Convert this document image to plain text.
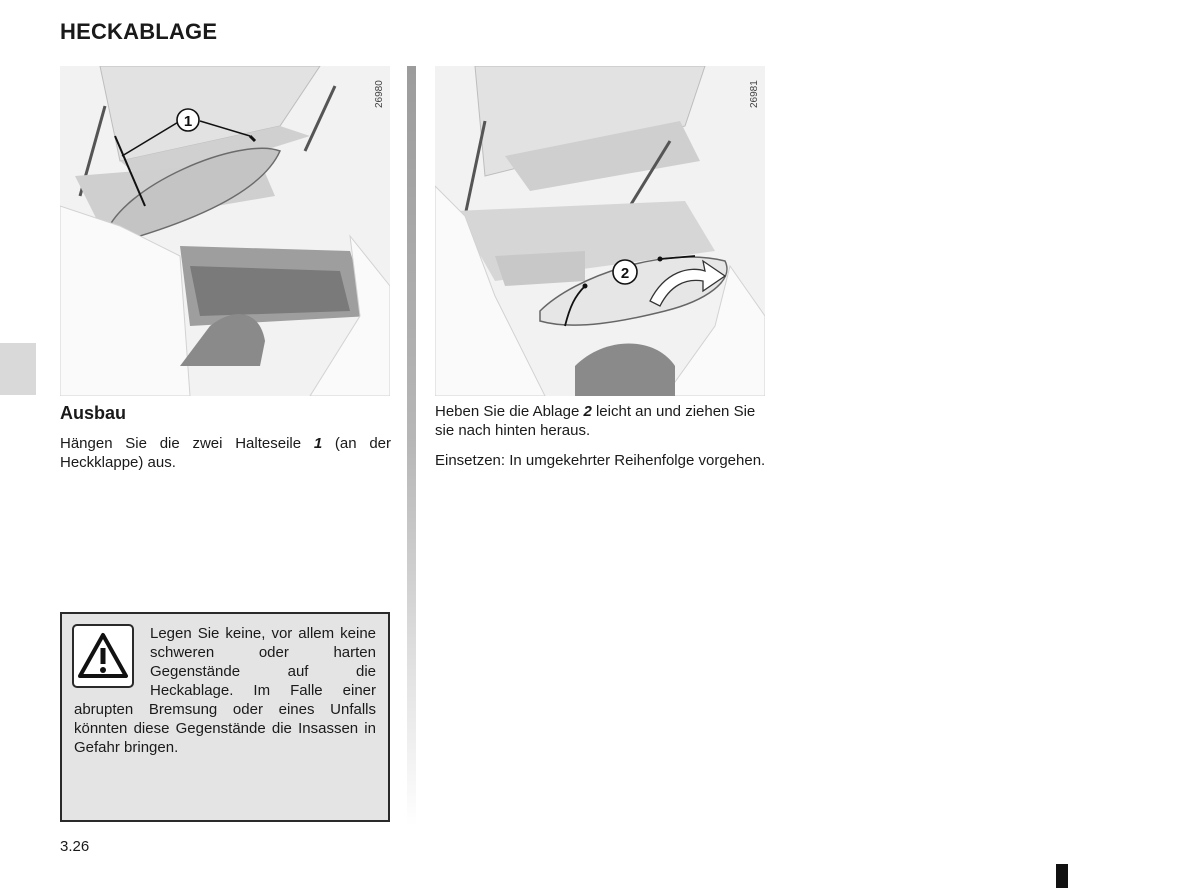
HECKABLAGE
1
26980
2
26981
Ausbau
Hängen Sie die zwei Halteseile 1 (an der Heckklappe) aus.
Heben Sie die Ablage 2 leicht an und ziehen Sie sie nach hinten heraus.
Einsetzen: In umgekehrter Reihenfolge vorgehen.
Legen Sie keine, vor allem keine schweren oder harten Gegenstände auf die Heckablage. Im Falle einer abrupten Bremsung oder eines Unfalls könnten diese Gegenstände die Insassen in Gefahr bringen.
3.26
